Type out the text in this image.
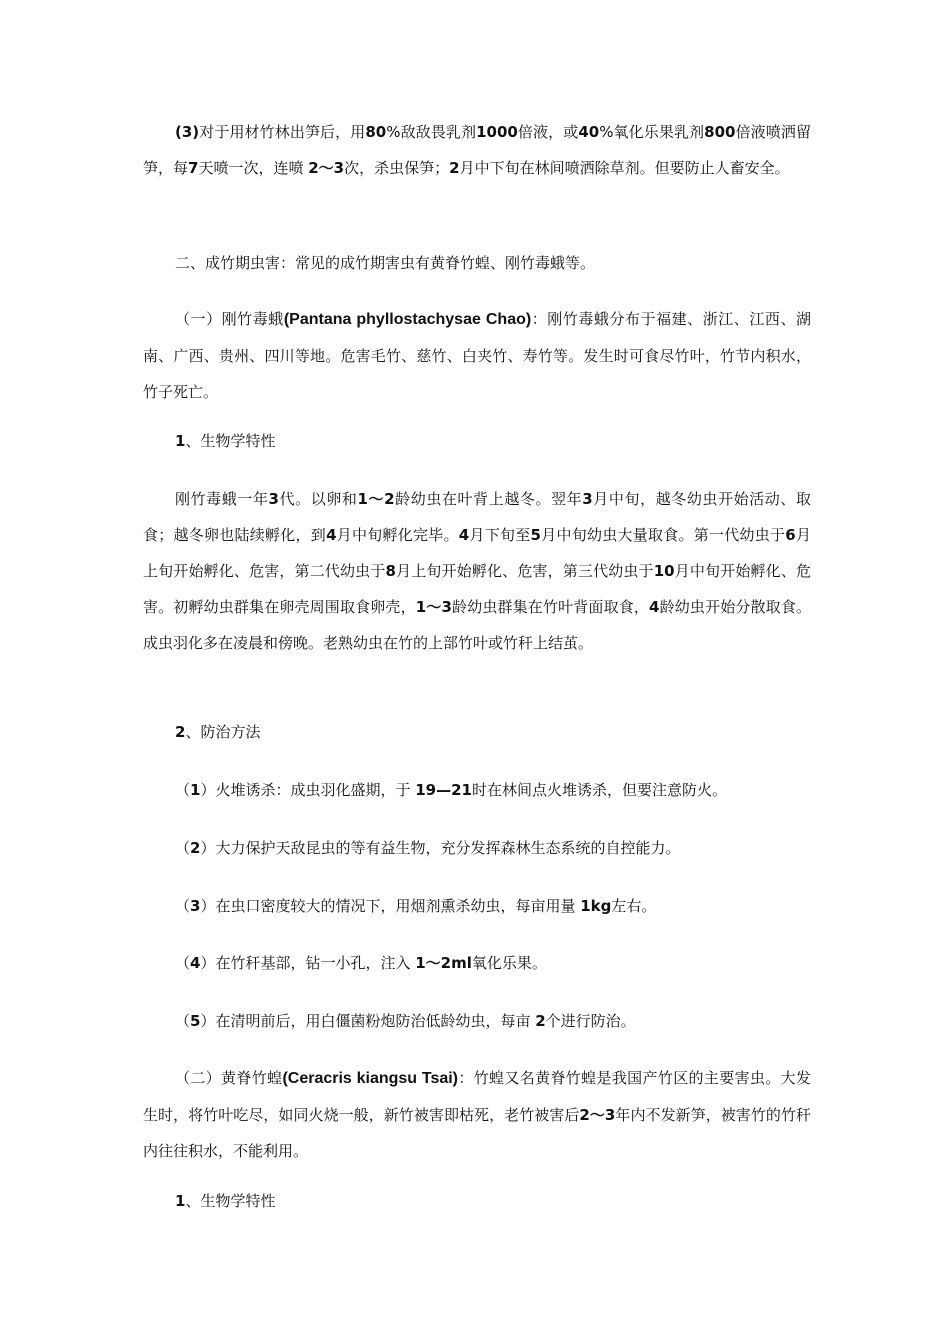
(3)对于用材竹林出笋后，用80%敌敌畏乳剂1000倍液，或40%氧化乐果乳剂800倍液喷洒留笋，每7天喷一次，连喷 2～3次，杀虫保笋；2月中下旬在林间喷洒除草剂。但要防止人畜安全。

二、成竹期虫害：常见的成竹期害虫有黄脊竹蝗、刚竹毒蛾等。

（一）刚竹毒蛾(Pantana phyllostachysae Chao)：刚竹毒蛾分布于福建、浙江、江西、湖南、广西、贵州、四川等地。危害毛竹、慈竹、白夹竹、寿竹等。发生时可食尽竹叶，竹节内积水，竹子死亡。

1、生物学特性

刚竹毒蛾一年3代。以卵和1～2龄幼虫在叶背上越冬。翌年3月中旬，越冬幼虫开始活动、取食；越冬卵也陆续孵化，到4月中旬孵化完毕。4月下旬至5月中旬幼虫大量取食。第一代幼虫于6月上旬开始孵化、危害，第二代幼虫于8月上旬开始孵化、危害，第三代幼虫于10月中旬开始孵化、危害。初孵幼虫群集在卵壳周围取食卵壳，1～3龄幼虫群集在竹叶背面取食，4龄幼虫开始分散取食。成虫羽化多在凌晨和傍晚。老熟幼虫在竹的上部竹叶或竹秆上结茧。

2、防治方法

（1）火堆诱杀：成虫羽化盛期，于 19—21时在林间点火堆诱杀，但要注意防火。

（2）大力保护天敌昆虫的等有益生物，充分发挥森林生态系统的自控能力。

（3）在虫口密度较大的情况下，用烟剂熏杀幼虫，每亩用量 1kg左右。

（4）在竹秆基部，钻一小孔，注入 1～2ml氧化乐果。

（5）在清明前后，用白僵菌粉炮防治低龄幼虫，每亩 2个进行防治。

（二）黄脊竹蝗(Ceracris kiangsu Tsai)：竹蝗又名黄脊竹蝗是我国产竹区的主要害虫。大发生时，将竹叶吃尽，如同火烧一般，新竹被害即枯死，老竹被害后2～3年内不发新笋，被害竹的竹秆内往往积水，不能利用。

1、生物学特性
